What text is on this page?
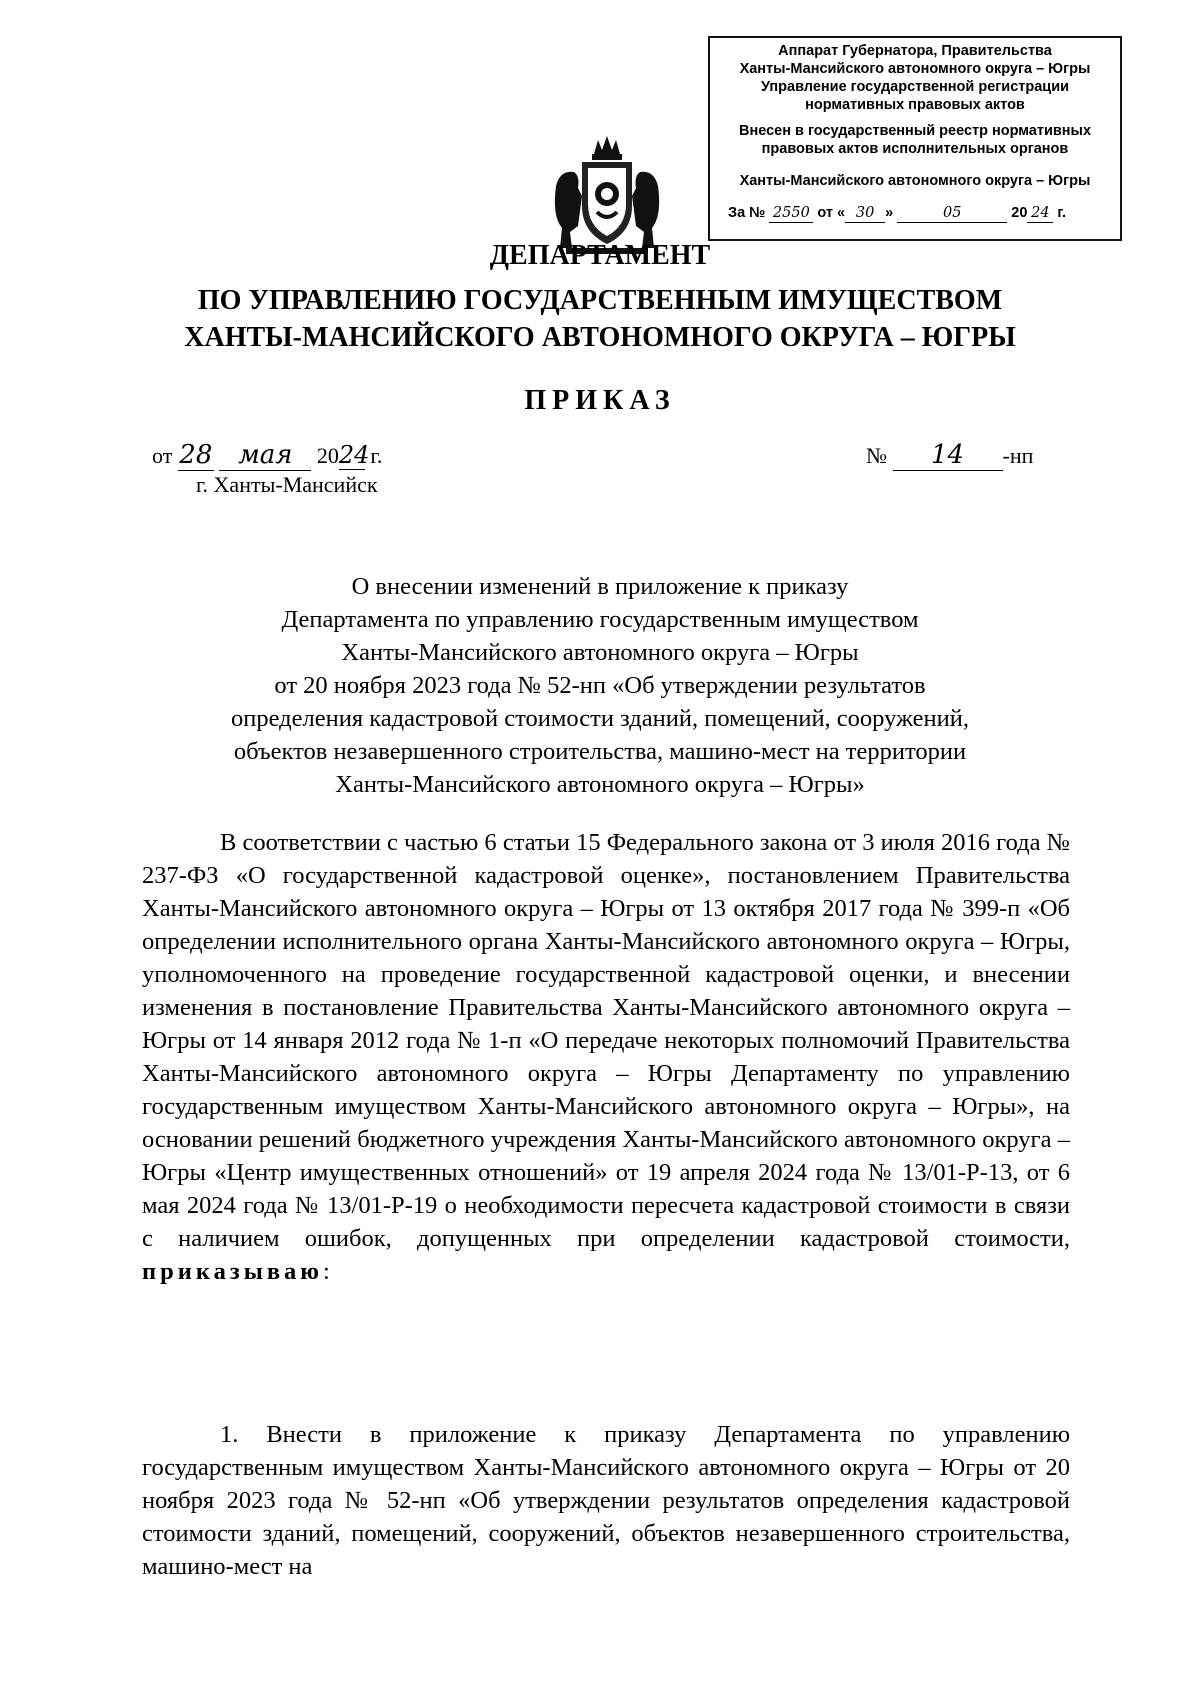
Аппарат Губернатора, Правительства
Ханты-Мансийского автономного округа – Югры
Управление государственной регистрации
нормативных правовых актов
Внесен в государственный реестр нормативных
правовых актов исполнительных органов
Ханты-Мансийского автономного округа – Югры
За № 2550 от « 30 »	05	20 24 г.
ДЕПАРТАМЕНТ
ПО УПРАВЛЕНИЮ ГОСУДАРСТВЕННЫМ ИМУЩЕСТВОМ
ХАНТЫ-МАНСИЙСКОГО АВТОНОМНОГО ОКРУГА – ЮГРЫ
ПРИКАЗ
от 28 мая 2024 г.
г. Ханты-Мансийск
№ 14 -нп
О внесении изменений в приложение к приказу
Департамента по управлению государственным имуществом
Ханты-Мансийского автономного округа – Югры
от 20 ноября 2023 года № 52-нп «Об утверждении результатов
определения кадастровой стоимости зданий, помещений, сооружений,
объектов незавершенного строительства, машино-мест на территории
Ханты-Мансийского автономного округа – Югры»
В соответствии с частью 6 статьи 15 Федерального закона от 3 июля 2016 года № 237-ФЗ «О государственной кадастровой оценке», постановлением Правительства Ханты-Мансийского автономного округа – Югры от 13 октября 2017 года № 399-п «Об определении исполнительного органа Ханты-Мансийского автономного округа – Югры, уполномоченного на проведение государственной кадастровой оценки, и внесении изменения в постановление Правительства Ханты-Мансийского автономного округа – Югры от 14 января 2012 года № 1-п «О передаче некоторых полномочий Правительства Ханты-Мансийского автономного округа – Югры Департаменту по управлению государственным имуществом Ханты-Мансийского автономного округа – Югры», на основании решений бюджетного учреждения Ханты-Мансийского автономного округа – Югры «Центр имущественных отношений» от 19 апреля 2024 года № 13/01-Р-13, от 6 мая 2024 года № 13/01-Р-19 о необходимости пересчета кадастровой стоимости в связи с наличием ошибок, допущенных при определении кадастровой стоимости, приказываю:
1. Внести в приложение к приказу Департамента по управлению государственным имуществом Ханты-Мансийского автономного округа – Югры от 20 ноября 2023 года № 52-нп «Об утверждении результатов определения кадастровой стоимости зданий, помещений, сооружений, объектов незавершенного строительства, машино-мест на
